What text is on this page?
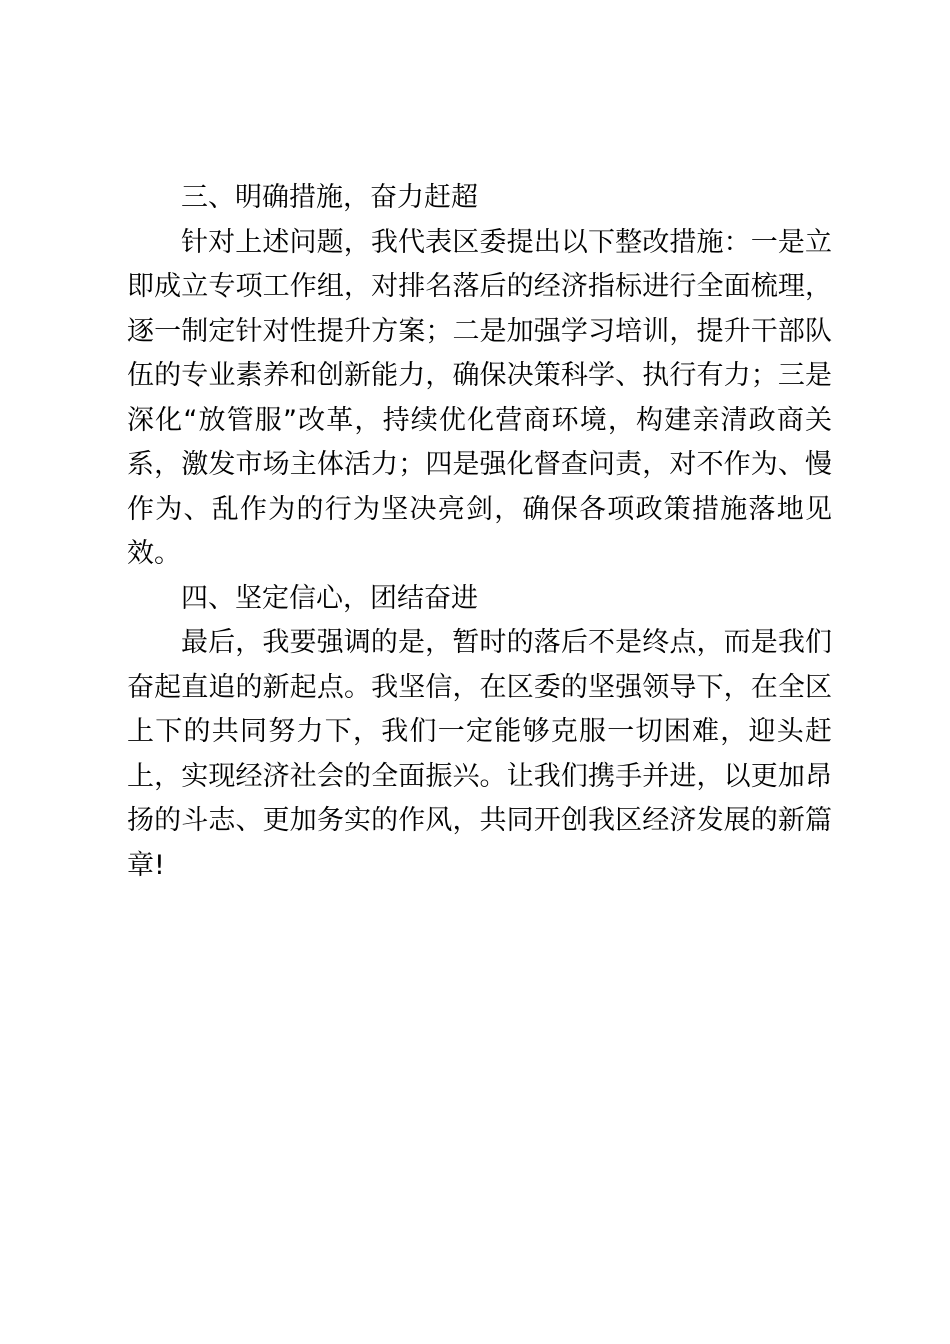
三、明确措施，奋力赶超

针对上述问题，我代表区委提出以下整改措施：一是立即成立专项工作组，对排名落后的经济指标进行全面梳理，逐一制定针对性提升方案；二是加强学习培训，提升干部队伍的专业素养和创新能力，确保决策科学、执行有力；三是深化“放管服”改革，持续优化营商环境，构建亲清政商关系，激发市场主体活力；四是强化督查问责，对不作为、慢作为、乱作为的行为坚决亮剑，确保各项政策措施落地见效。

四、坚定信心，团结奋进

最后，我要强调的是，暂时的落后不是终点，而是我们奋起直追的新起点。我坚信，在区委的坚强领导下，在全区上下的共同努力下，我们一定能够克服一切困难，迎头赶上，实现经济社会的全面振兴。让我们携手并进，以更加昂扬的斗志、更加务实的作风，共同开创我区经济发展的新篇章!
